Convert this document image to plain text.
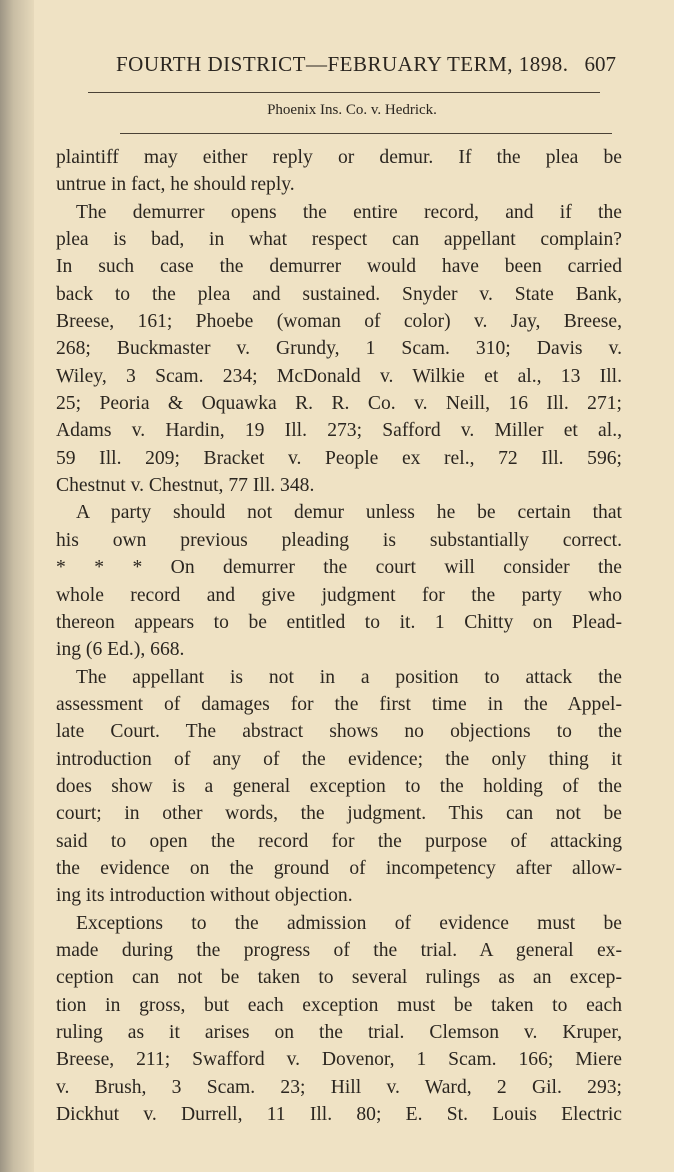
FOURTH DISTRICT—FEBRUARY TERM, 1898. 607
Phoenix Ins. Co. v. Hedrick.
plaintiff may either reply or demur. If the plea be
untrue in fact, he should reply.
The demurrer opens the entire record, and if the
plea is bad, in what respect can appellant complain?
In such case the demurrer would have been carried
back to the plea and sustained. Snyder v. State Bank,
Breese, 161; Phoebe (woman of color) v. Jay, Breese,
268; Buckmaster v. Grundy, 1 Scam. 310; Davis v.
Wiley, 3 Scam. 234; McDonald v. Wilkie et al., 13 Ill.
25; Peoria & Oquawka R. R. Co. v. Neill, 16 Ill. 271;
Adams v. Hardin, 19 Ill. 273; Safford v. Miller et al.,
59 Ill. 209; Bracket v. People ex rel., 72 Ill. 596;
Chestnut v. Chestnut, 77 Ill. 348.
A party should not demur unless he be certain that
his own previous pleading is substantially correct.
* * * On demurrer the court will consider the
whole record and give judgment for the party who
thereon appears to be entitled to it. 1 Chitty on Plead-
ing (6 Ed.), 668.
The appellant is not in a position to attack the
assessment of damages for the first time in the Appel-
late Court. The abstract shows no objections to the
introduction of any of the evidence; the only thing it
does show is a general exception to the holding of the
court; in other words, the judgment. This can not be
said to open the record for the purpose of attacking
the evidence on the ground of incompetency after allow-
ing its introduction without objection.
Exceptions to the admission of evidence must be
made during the progress of the trial. A general ex-
ception can not be taken to several rulings as an excep-
tion in gross, but each exception must be taken to each
ruling as it arises on the trial. Clemson v. Kruper,
Breese, 211; Swafford v. Dovenor, 1 Scam. 166; Miere
v. Brush, 3 Scam. 23; Hill v. Ward, 2 Gil. 293;
Dickhut v. Durrell, 11 Ill. 80; E. St. Louis Electric
